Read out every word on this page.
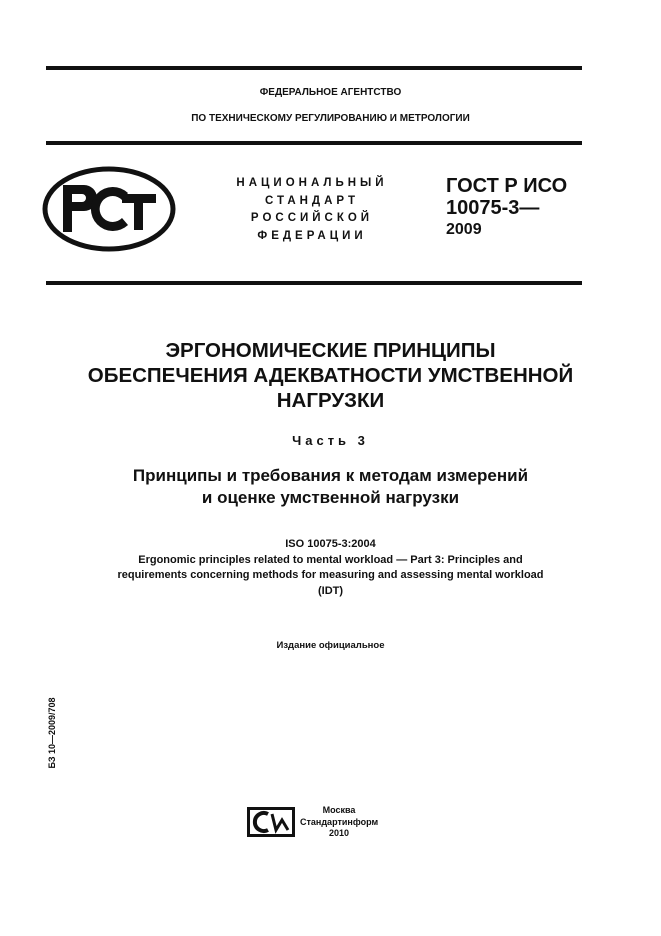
ФЕДЕРАЛЬНОЕ АГЕНТСТВО
ПО ТЕХНИЧЕСКОМУ РЕГУЛИРОВАНИЮ И МЕТРОЛОГИИ
НАЦИОНАЛЬНЫЙ
СТАНДАРТ
РОССИЙСКОЙ
ФЕДЕРАЦИИ
ГОСТ Р ИСО
10075-3—
2009
ЭРГОНОМИЧЕСКИЕ ПРИНЦИПЫ
ОБЕСПЕЧЕНИЯ АДЕКВАТНОСТИ УМСТВЕННОЙ
НАГРУЗКИ
Часть 3
Принципы и требования к методам измерений
и оценке умственной нагрузки
ISO 10075-3:2004
Ergonomic principles related to mental workload — Part 3: Principles and
requirements concerning methods for measuring and assessing mental workload
(IDT)
Издание официальное
БЗ 10—2009/708
Москва
Стандартинформ
2010
